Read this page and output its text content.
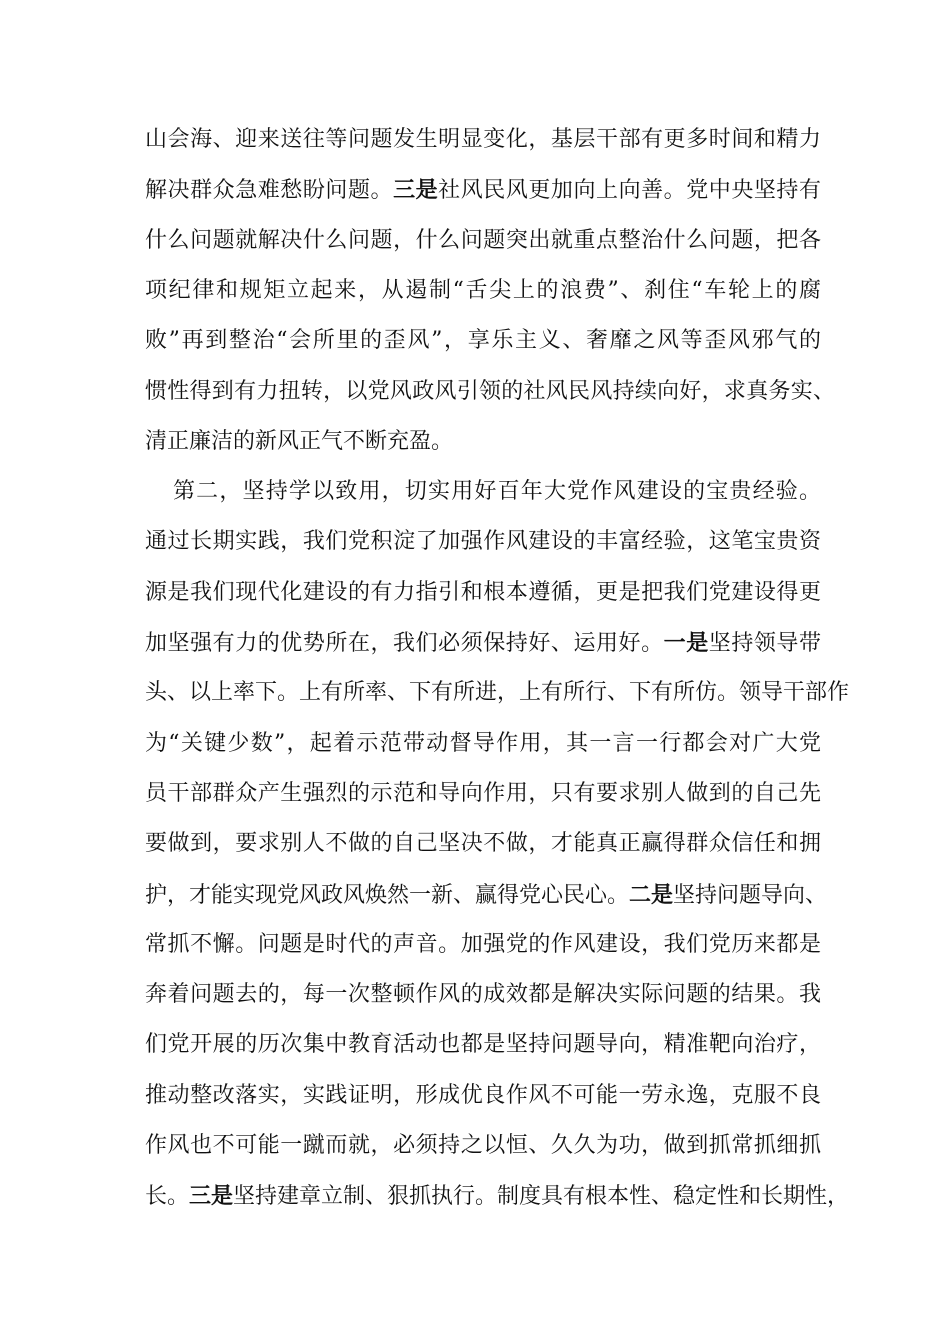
山会海、迎来送往等问题发生明显变化，基层干部有更多时间和精力
解决群众急难愁盼问题。三是社风民风更加向上向善。党中央坚持有
什么问题就解决什么问题，什么问题突出就重点整治什么问题，把各
项纪律和规矩立起来，从遏制“舌尖上的浪费”、刹住“车轮上的腐
败”再到整治“会所里的歪风”，享乐主义、奢靡之风等歪风邪气的
惯性得到有力扭转，以党风政风引领的社风民风持续向好，求真务实、
清正廉洁的新风正气不断充盈。
第二，坚持学以致用，切实用好百年大党作风建设的宝贵经验。
通过长期实践，我们党积淀了加强作风建设的丰富经验，这笔宝贵资
源是我们现代化建设的有力指引和根本遵循，更是把我们党建设得更
加坚强有力的优势所在，我们必须保持好、运用好。一是坚持领导带
头、以上率下。上有所率、下有所进，上有所行、下有所仿。领导干部作
为“关键少数”，起着示范带动督导作用，其一言一行都会对广大党
员干部群众产生强烈的示范和导向作用，只有要求别人做到的自己先
要做到，要求别人不做的自己坚决不做，才能真正赢得群众信任和拥
护，才能实现党风政风焕然一新、赢得党心民心。二是坚持问题导向、
常抓不懈。问题是时代的声音。加强党的作风建设，我们党历来都是
奔着问题去的，每一次整顿作风的成效都是解决实际问题的结果。我
们党开展的历次集中教育活动也都是坚持问题导向，精准靶向治疗，
推动整改落实，实践证明，形成优良作风不可能一劳永逸，克服不良
作风也不可能一蹴而就，必须持之以恒、久久为功，做到抓常抓细抓
长。三是坚持建章立制、狠抓执行。制度具有根本性、稳定性和长期性，
